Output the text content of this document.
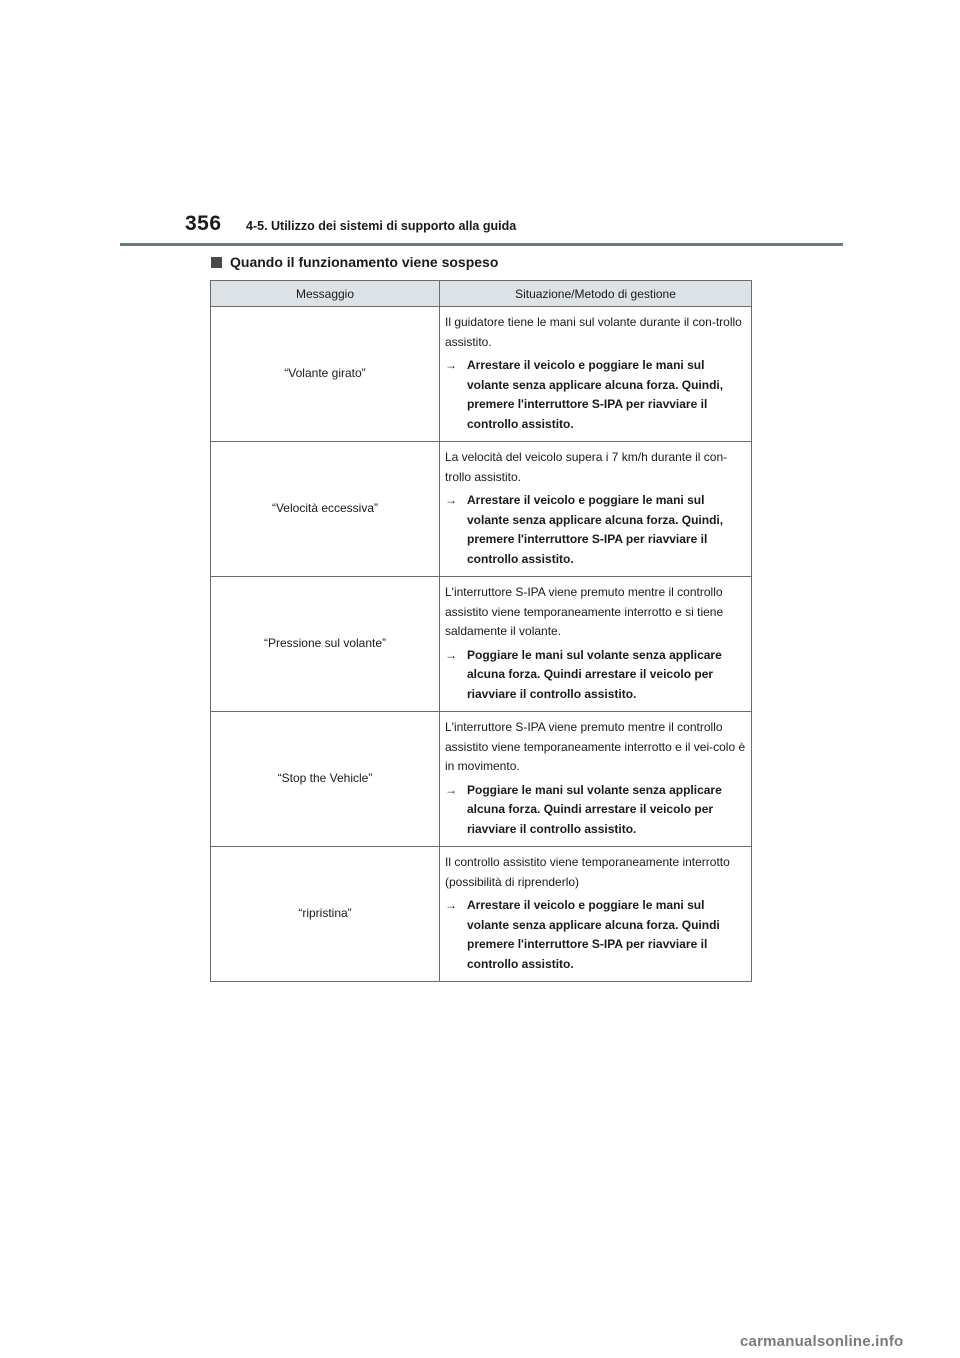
356 4-5. Utilizzo dei sistemi di supporto alla guida
Quando il funzionamento viene sospeso
Messaggio	Situazione/Metodo di gestione
“Volante girato”	Il guidatore tiene le mani sul volante durante il con-trollo assistito.
→ Arrestare il veicolo e poggiare le mani sul volante senza applicare alcuna forza. Quindi, premere l'interruttore S-IPA per riavviare il controllo assistito.

“Velocità eccessiva”	La velocità del veicolo supera i 7 km/h durante il con-trollo assistito.
→ Arrestare il veicolo e poggiare le mani sul volante senza applicare alcuna forza. Quindi, premere l'interruttore S-IPA per riavviare il controllo assistito.

“Pressione sul volante”	L'interruttore S-IPA viene premuto mentre il controllo assistito viene temporaneamente interrotto e si tiene saldamente il volante.
→ Poggiare le mani sul volante senza applicare alcuna forza. Quindi arrestare il veicolo per riavviare il controllo assistito.

“Stop the Vehicle”	L'interruttore S-IPA viene premuto mentre il controllo assistito viene temporaneamente interrotto e il vei-colo è in movimento.
→ Poggiare le mani sul volante senza applicare alcuna forza. Quindi arrestare il veicolo per riavviare il controllo assistito.

“ripristina”	Il controllo assistito viene temporaneamente interrotto (possibilità di riprenderlo)
→ Arrestare il veicolo e poggiare le mani sul volante senza applicare alcuna forza. Quindi premere l'interruttore S-IPA per riavviare il controllo assistito.
carmanualsonline.info
